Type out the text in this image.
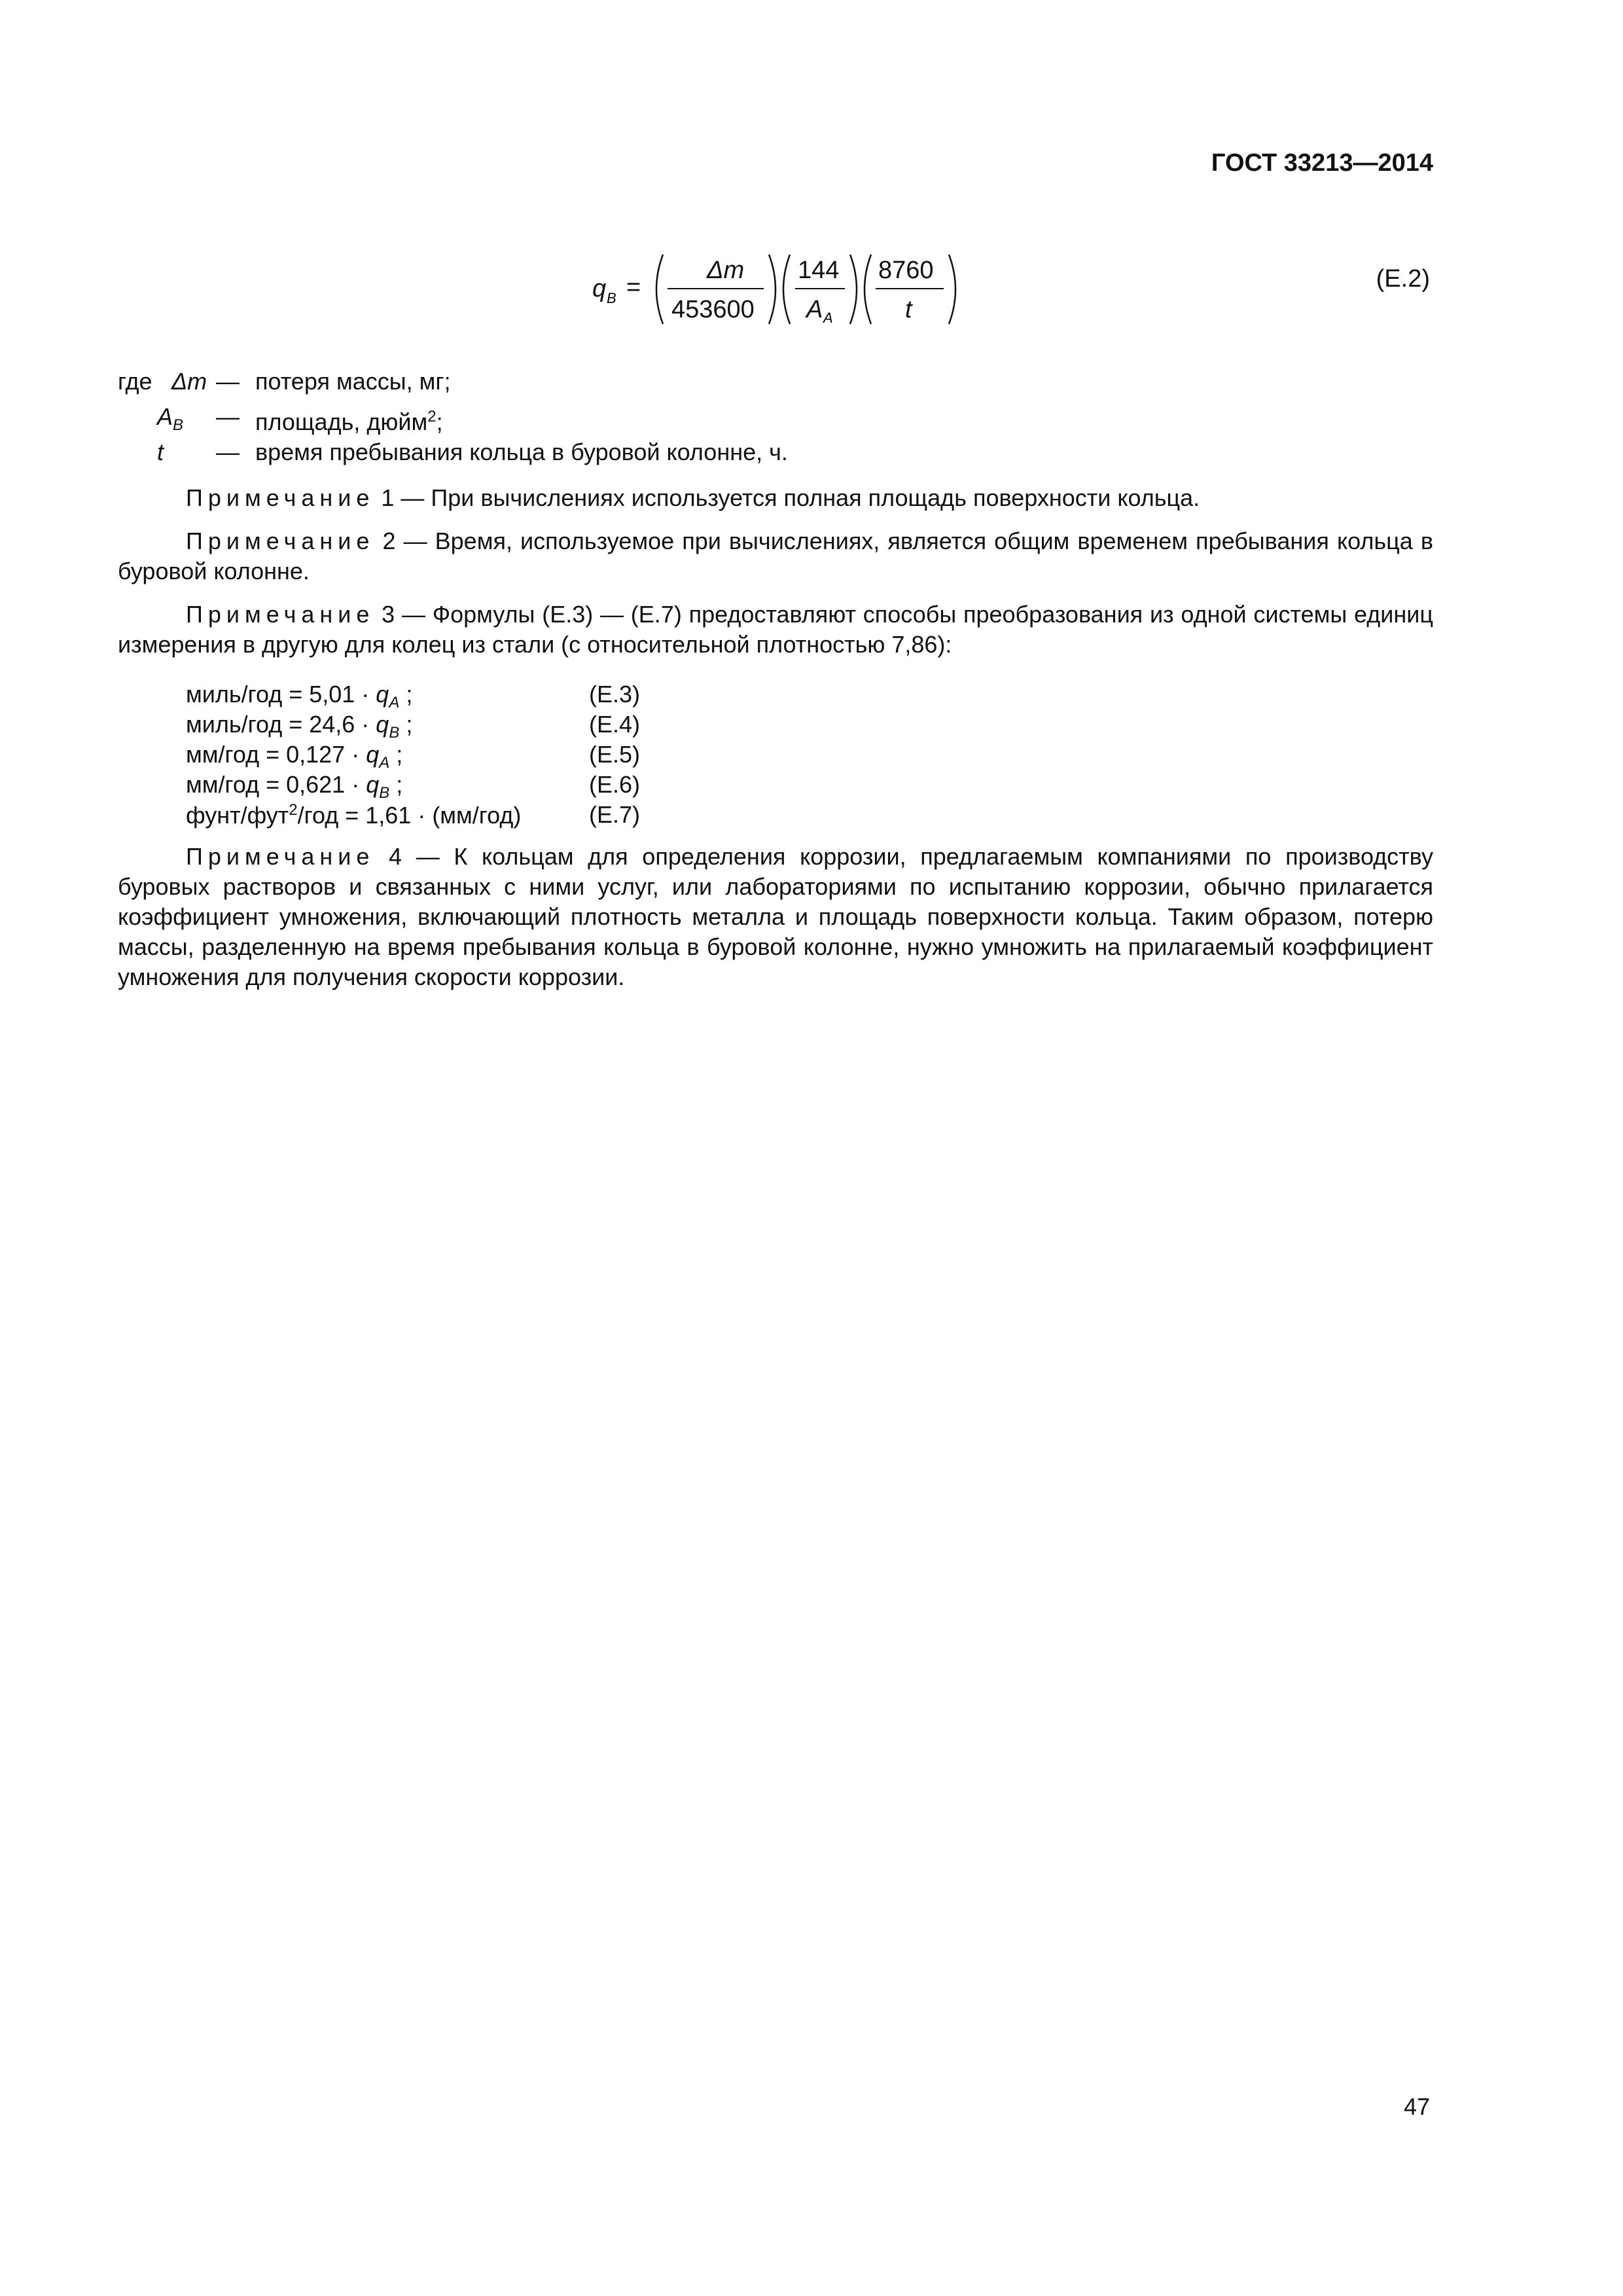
ГОСТ 33213—2014
q B =
Δm
453600
144
A A
8760
t
(E.2)
где Δm — потеря массы, мг;
$A_B$ — площадь, дюйм$^2$;
t — время пребывания кольца в буровой колонне, ч.
Примечание 1 — При вычислениях используется полная площадь поверхности кольца.
Примечание 2 — Время, используемое при вычислениях, является общим временем пребывания кольца в буровой колонне.
Примечание 3 — Формулы (E.3) — (E.7) предоставляют способы преобразования из одной системы единиц измерения в другую для колец из стали (с относительной плотностью 7,86):
миль/год = $5,01 \cdot q_A$ ;	(E.3)
миль/год = $24,6 \cdot q_B$ ;	(E.4)
$мм/год = 0,127 \cdot q_A$ ;	(E.5)
$мм/год = 0,621 \cdot q_B$ ;	(E.6)
фунт/фут$^2$/год = 1,61 · (мм/год)	(E.7)
Примечание 4 — К кольцам для определения коррозии, предлагаемым компаниями по производству буровых растворов и связанных с ними услуг, или лабораториями по испытанию коррозии, обычно прилагается коэффициент умножения, включающий плотность металла и площадь поверхности кольца. Таким образом, потерю массы, разделенную на время пребывания кольца в буровой колонне, нужно умножить на прилагаемый коэффициент умножения для получения скорости коррозии.
47
